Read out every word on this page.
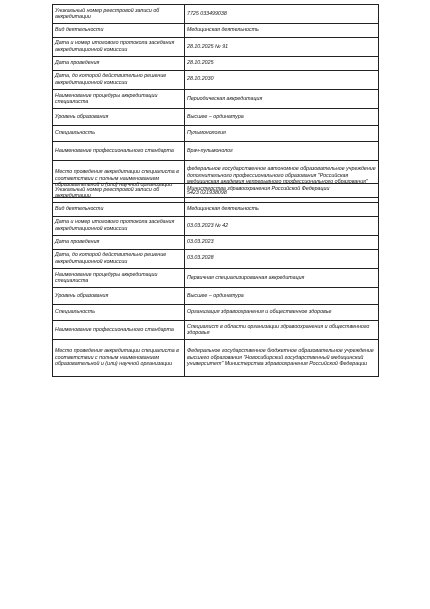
Уникальный номер реестровой записи об аккредитации	7725 033499038
Вид деятельности	Медицинская деятельность
Дата и номер итогового протокола заседания аккредитационной комиссии	28.10.2025 № 91
Дата проведения	28.10.2025
Дата, до которой действительно решение аккредитационной комиссии	28.10.2030
Наименование процедуры аккредитации специалиста	Периодическая аккредитация
Уровень образования	Высшее – ординатура
Специальность	Пульмонология
Наименование профессионального стандарта	Врач-пульмонолог
Место проведения аккредитации специалиста в соответствии с полным наименованием образовательной и (или) научной организации	федеральное государственное автономное образовательное учреждение дополнительного профессионального образования "Российская медицинская академия непрерывного профессионального образования" Министерства здравоохранения Российской Федерации
Уникальный номер реестровой записи об аккредитации	5423 021938098
Вид деятельности	Медицинская деятельность
Дата и номер итогового протокола заседания аккредитационной комиссии	03.03.2023 № 42
Дата проведения	03.03.2023
Дата, до которой действительно решение аккредитационной комиссии	03.03.2028
Наименование процедуры аккредитации специалиста	Первичная специализированная аккредитация
Уровень образования	Высшее – ординатура
Специальность	Организация здравоохранения и общественное здоровье
Наименование профессионального стандарта	Специалист в области организации здравоохранения и общественного здоровья
Место проведения аккредитации специалиста в соответствии с полным наименованием образовательной и (или) научной организации	Федеральное государственное бюджетное образовательное учреждение высшего образования "Новосибирский государственный медицинский университет" Министерства здравоохранения Российской Федерации
